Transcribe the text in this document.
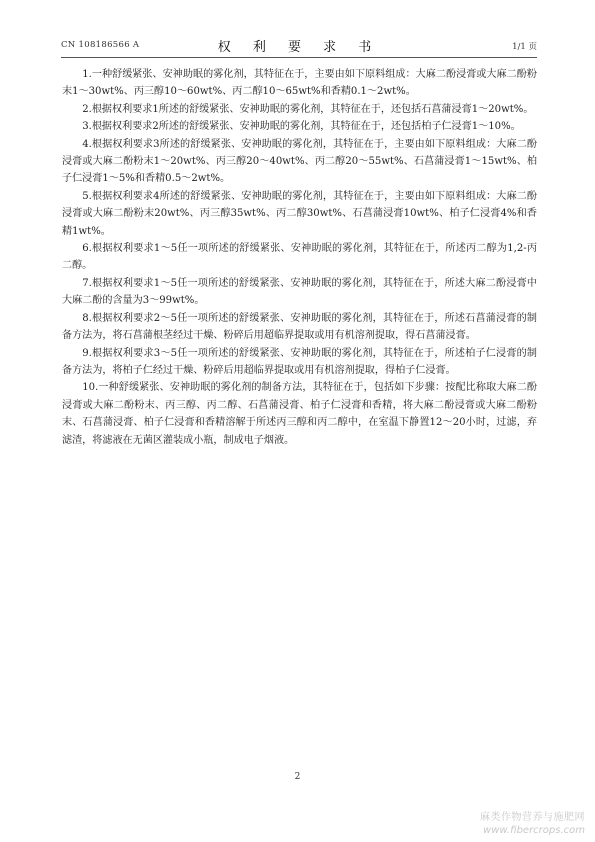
CN 108186566 A	权 利 要 求 书	1/1 页

1.一种舒缓紧张、安神助眠的雾化剂，其特征在于，主要由如下原料组成：大麻二酚浸膏或大麻二酚粉末1～30wt%、丙三醇10～60wt%、丙二醇10～65wt%和香精0.1～2wt%。

2.根据权利要求1所述的舒缓紧张、安神助眠的雾化剂，其特征在于，还包括石菖蒲浸膏1～20wt%。

3.根据权利要求2所述的舒缓紧张、安神助眠的雾化剂，其特征在于，还包括柏子仁浸膏1～10%。

4.根据权利要求3所述的舒缓紧张、安神助眠的雾化剂，其特征在于，主要由如下原料组成：大麻二酚浸膏或大麻二酚粉末1～20wt%、丙三醇20～40wt%、丙二醇20～55wt%、石菖蒲浸膏1～15wt%、柏子仁浸膏1～5%和香精0.5～2wt%。

5.根据权利要求4所述的舒缓紧张、安神助眠的雾化剂，其特征在于，主要由如下原料组成：大麻二酚浸膏或大麻二酚粉末20wt%、丙三醇35wt%、丙二醇30wt%、石菖蒲浸膏10wt%、柏子仁浸膏4%和香精1wt%。

6.根据权利要求1～5任一项所述的舒缓紧张、安神助眠的雾化剂，其特征在于，所述丙二醇为1,2-丙二醇。

7.根据权利要求1～5任一项所述的舒缓紧张、安神助眠的雾化剂，其特征在于，所述大麻二酚浸膏中大麻二酚的含量为3～99wt%。

8.根据权利要求2～5任一项所述的舒缓紧张、安神助眠的雾化剂，其特征在于，所述石菖蒲浸膏的制备方法为，将石菖蒲根茎经过干燥、粉碎后用超临界提取或用有机溶剂提取，得石菖蒲浸膏。

9.根据权利要求3～5任一项所述的舒缓紧张、安神助眠的雾化剂，其特征在于，所述柏子仁浸膏的制备方法为，将柏子仁经过干燥、粉碎后用超临界提取或用有机溶剂提取，得柏子仁浸膏。

10.一种舒缓紧张、安神助眠的雾化剂的制备方法，其特征在于，包括如下步骤：按配比称取大麻二酚浸膏或大麻二酚粉末、丙三醇、丙二醇、石菖蒲浸膏、柏子仁浸膏和香精，将大麻二酚浸膏或大麻二酚粉末、石菖蒲浸膏、柏子仁浸膏和香精溶解于所述丙三醇和丙二醇中，在室温下静置12～20小时，过滤，弃滤渣，将滤液在无菌区灌装成小瓶，制成电子烟液。

2
麻类作物营养与施肥网
www.fibercrops.com
